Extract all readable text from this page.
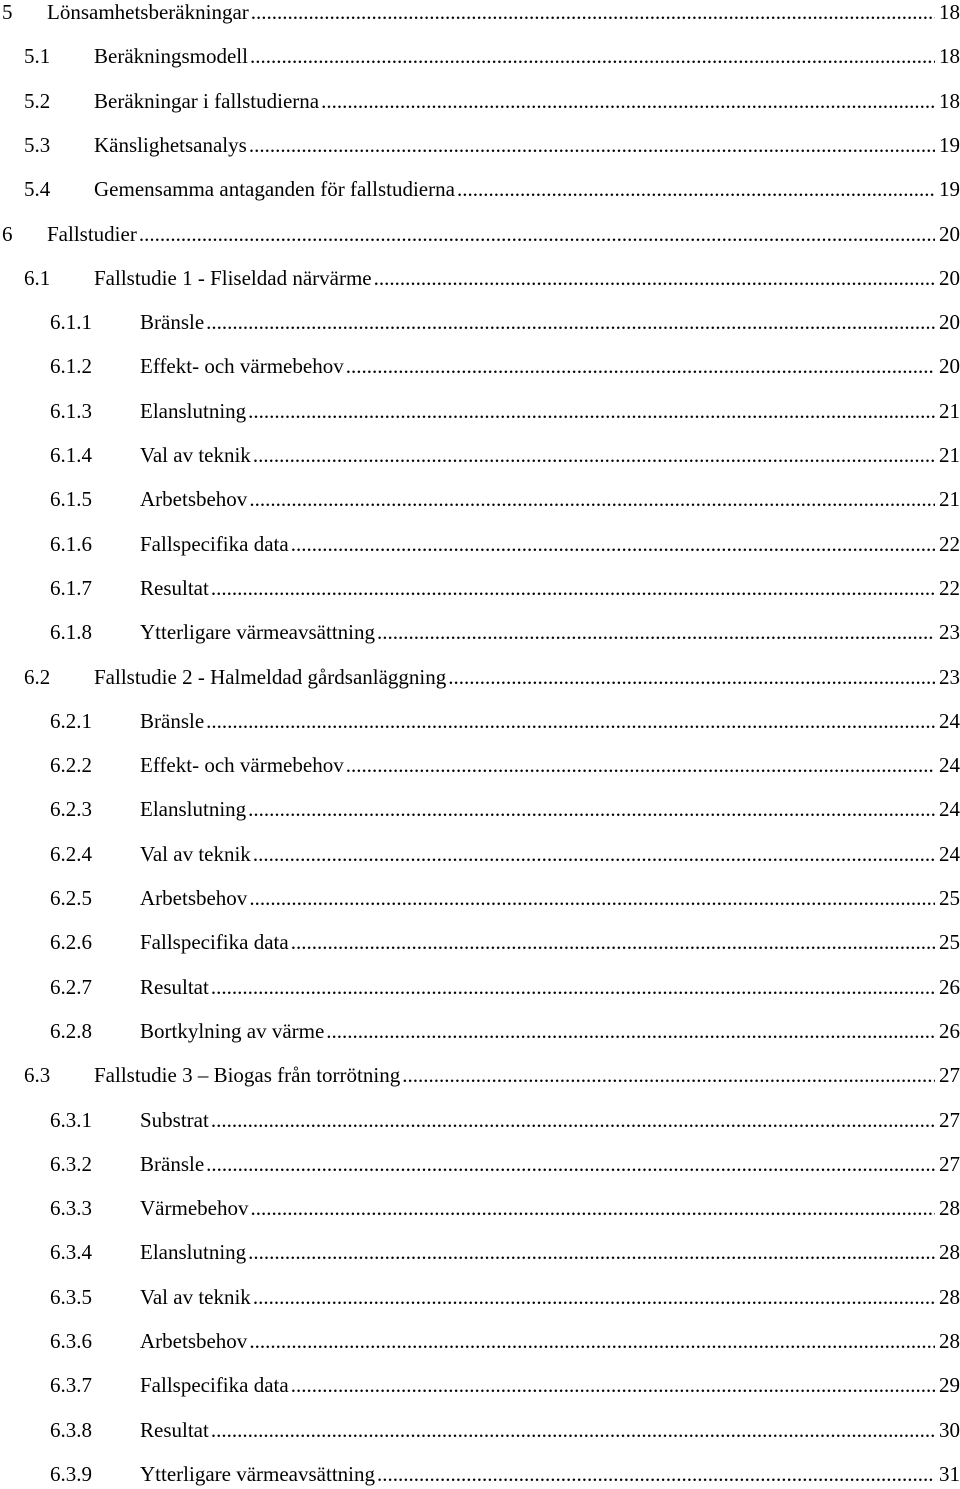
5 Lönsamhetsberäkningar .....	18
5.1 Beräkningsmodell .....	18
5.2 Beräkningar i fallstudierna .....	18
5.3 Känslighetsanalys .....	19
5.4 Gemensamma antaganden för fallstudierna .....	19
6 Fallstudier .....	20
6.1 Fallstudie 1 - Fliseldad närvärme .....	20
6.1.1 Bränsle .....	20
6.1.2 Effekt- och värmebehov .....	20
6.1.3 Elanslutning .....	21
6.1.4 Val av teknik .....	21
6.1.5 Arbetsbehov .....	21
6.1.6 Fallspecifika data .....	22
6.1.7 Resultat .....	22
6.1.8 Ytterligare värmeavsättning .....	23
6.2 Fallstudie 2 - Halmeldad gårdsanläggning .....	23
6.2.1 Bränsle .....	24
6.2.2 Effekt- och värmebehov .....	24
6.2.3 Elanslutning .....	24
6.2.4 Val av teknik .....	24
6.2.5 Arbetsbehov .....	25
6.2.6 Fallspecifika data .....	25
6.2.7 Resultat .....	26
6.2.8 Bortkylning av värme .....	26
6.3 Fallstudie 3 – Biogas från torrötning .....	27
6.3.1 Substrat .....	27
6.3.2 Bränsle .....	27
6.3.3 Värmebehov .....	28
6.3.4 Elanslutning .....	28
6.3.5 Val av teknik .....	28
6.3.6 Arbetsbehov .....	28
6.3.7 Fallspecifika data .....	29
6.3.8 Resultat .....	30
6.3.9 Ytterligare värmeavsättning .....	31
